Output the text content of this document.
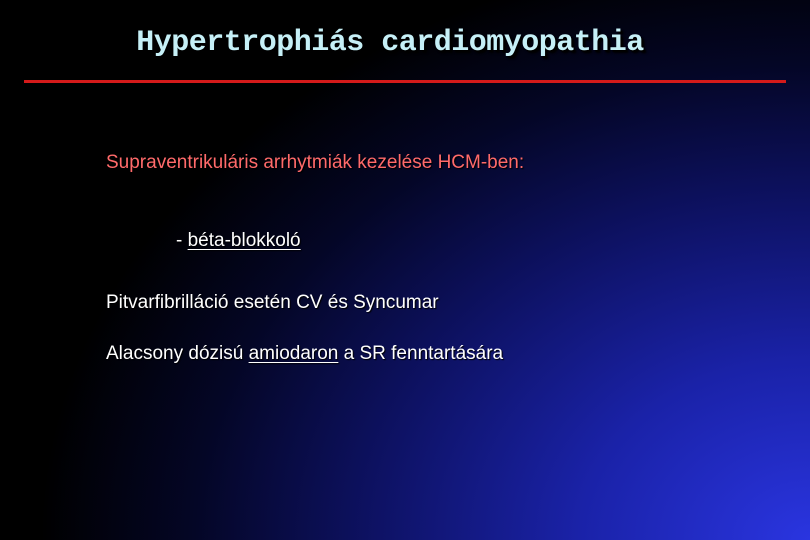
Hypertrophiás cardiomyopathia
Supraventrikuláris arrhytmiák kezelése HCM-ben:
- béta-blokkoló
Pitvarfibrilláció esetén CV és Syncumar
Alacsony dózisú amiodaron a SR fenntartására
